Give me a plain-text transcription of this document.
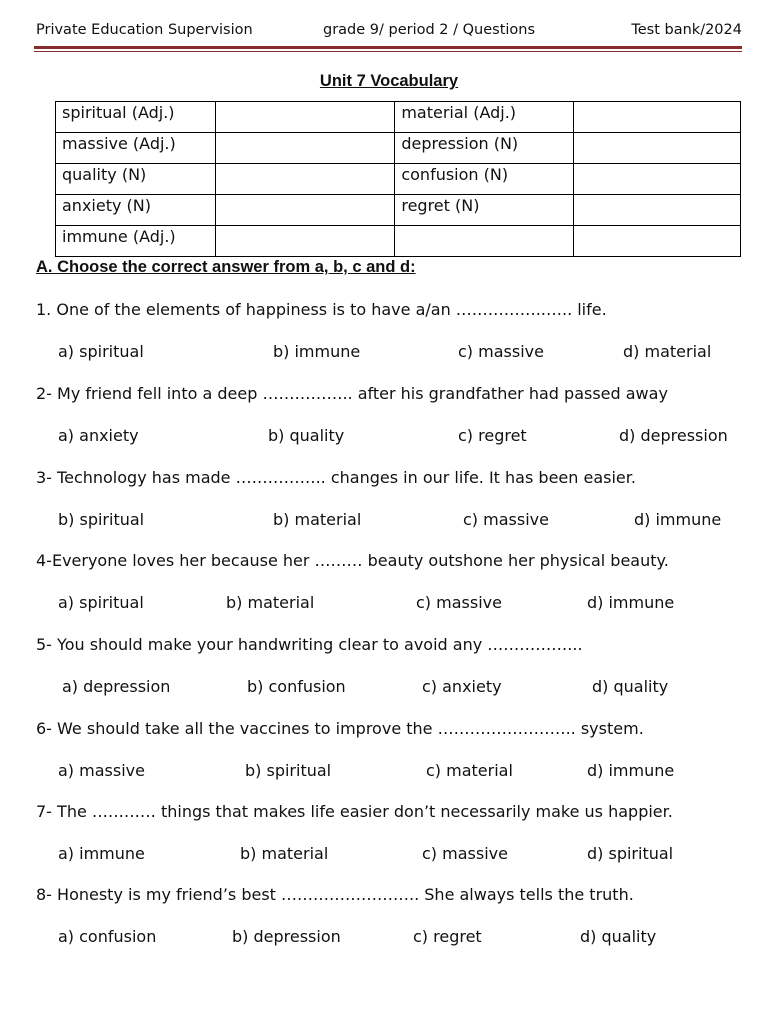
Private Education Supervision	grade 9/ period 2 / Questions	Test bank/2024
Unit 7 Vocabulary
spiritual (Adj.)		material (Adj.)	
massive (Adj.)		depression (N)	
quality (N)		confusion (N)	
anxiety (N)		regret (N)	
immune (Adj.)			
A. Choose the correct answer from a, b, c and d:
1. One of the elements of happiness is to have a/an ……………..….. life.
a) spiritual	b) immune	c) massive	d) material
2- My friend fell into a deep …………….. after his grandfather had passed away
a) anxiety	b) quality	c) regret	d) depression
3- Technology has made …………….. changes in our life. It has been easier.
b) spiritual	b) material	c) massive	d) immune
4-Everyone loves her because her ……… beauty outshone her physical beauty.
a) spiritual	b) material	c) massive	d) immune
5- You should make your handwriting clear to avoid any ……………...
a) depression	b) confusion	c) anxiety	d) quality
6- We should take all the vaccines to improve the …………………….. system.
a) massive	b) spiritual	c) material	d) immune
7- The ………… things that makes life easier don’t necessarily make us happier.
a) immune	b) material	c) massive	d) spiritual
8- Honesty is my friend’s best …………………….. She always tells the truth.
a) confusion	b) depression	c) regret	d) quality
